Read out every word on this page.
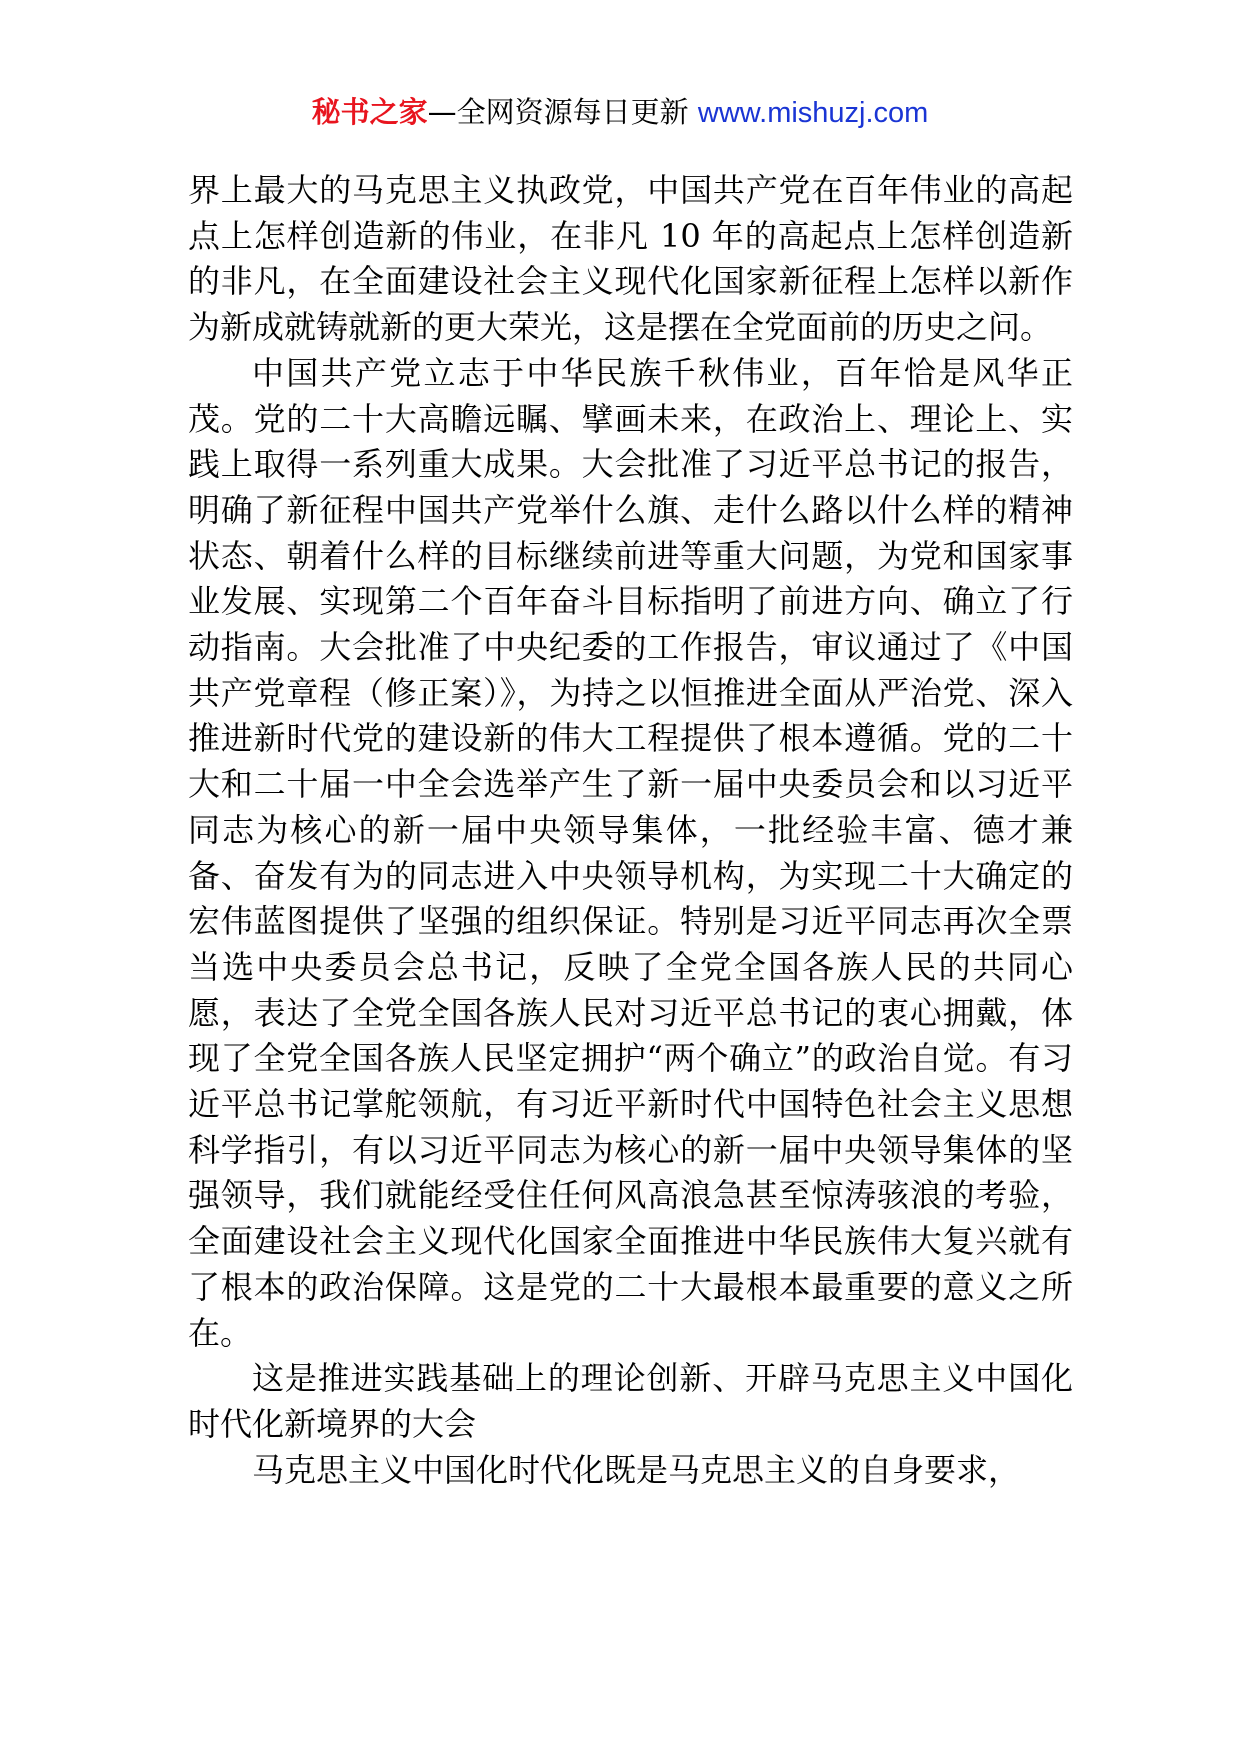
秘书之家—全网资源每日更新 www.mishuzj.com

界上最大的马克思主义执政党，中国共产党在百年伟业的高起点上怎样创造新的伟业，在非凡 10 年的高起点上怎样创造新的非凡，在全面建设社会主义现代化国家新征程上怎样以新作为新成就铸就新的更大荣光，这是摆在全党面前的历史之问。

中国共产党立志于中华民族千秋伟业，百年恰是风华正茂。党的二十大高瞻远瞩、擘画未来，在政治上、理论上、实践上取得一系列重大成果。大会批准了习近平总书记的报告，明确了新征程中国共产党举什么旗、走什么路以什么样的精神状态、朝着什么样的目标继续前进等重大问题，为党和国家事业发展、实现第二个百年奋斗目标指明了前进方向、确立了行动指南。大会批准了中央纪委的工作报告，审议通过了《中国共产党章程（修正案）》，为持之以恒推进全面从严治党、深入推进新时代党的建设新的伟大工程提供了根本遵循。党的二十大和二十届一中全会选举产生了新一届中央委员会和以习近平同志为核心的新一届中央领导集体，一批经验丰富、德才兼备、奋发有为的同志进入中央领导机构，为实现二十大确定的宏伟蓝图提供了坚强的组织保证。特别是习近平同志再次全票当选中央委员会总书记，反映了全党全国各族人民的共同心愿，表达了全党全国各族人民对习近平总书记的衷心拥戴，体现了全党全国各族人民坚定拥护“两个确立”的政治自觉。有习近平总书记掌舵领航，有习近平新时代中国特色社会主义思想科学指引，有以习近平同志为核心的新一届中央领导集体的坚强领导，我们就能经受住任何风高浪急甚至惊涛骇浪的考验，全面建设社会主义现代化国家全面推进中华民族伟大复兴就有了根本的政治保障。这是党的二十大最根本最重要的意义之所在。

这是推进实践基础上的理论创新、开辟马克思主义中国化时代化新境界的大会

马克思主义中国化时代化既是马克思主义的自身要求，
